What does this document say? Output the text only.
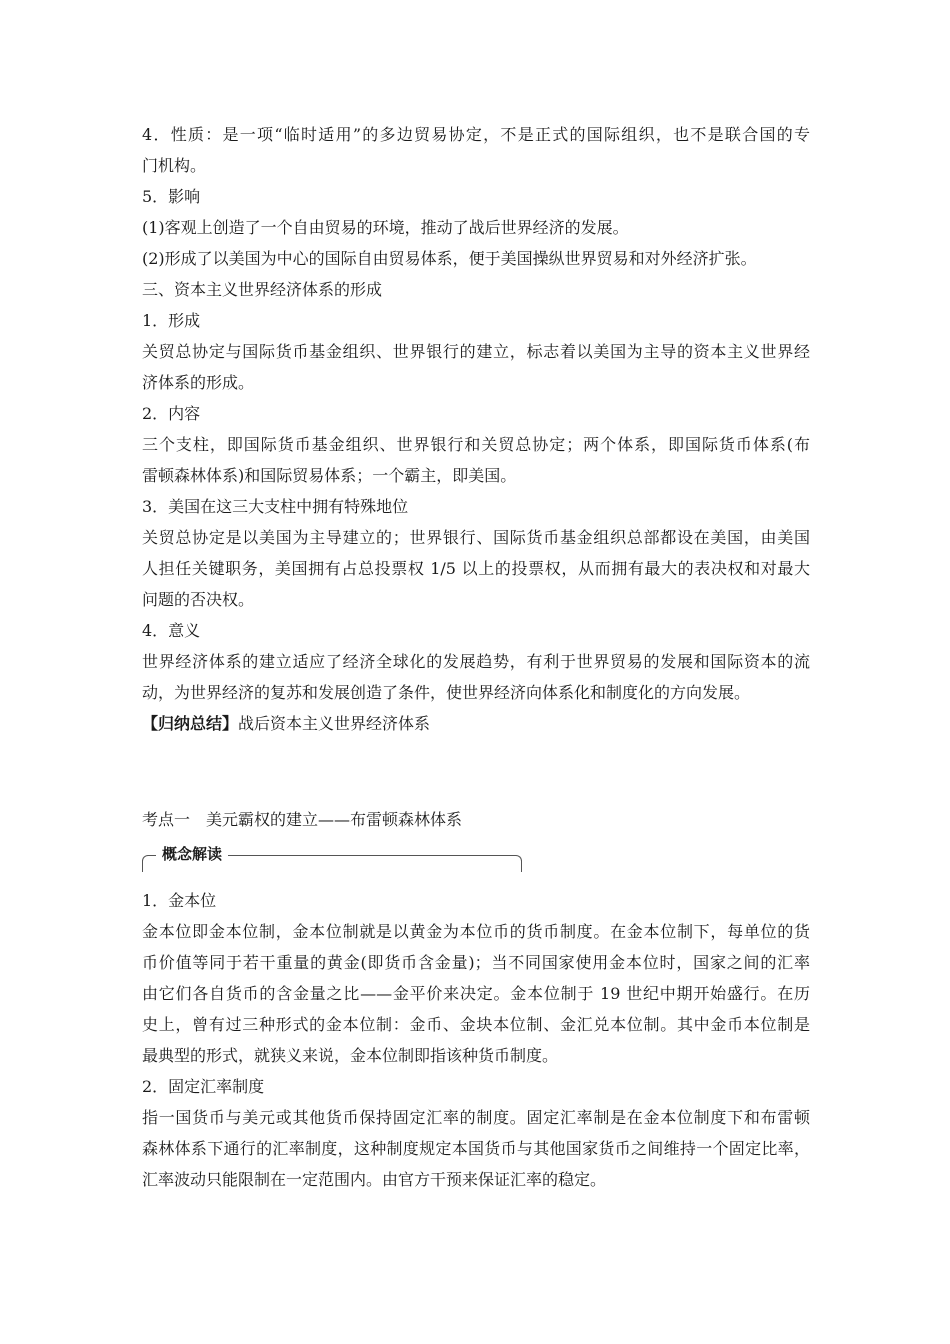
4．性质：是一项“临时适用”的多边贸易协定，不是正式的国际组织，也不是联合国的专

门机构。

5．影响

(1)客观上创造了一个自由贸易的环境，推动了战后世界经济的发展。

(2)形成了以美国为中心的国际自由贸易体系，便于美国操纵世界贸易和对外经济扩张。

三、资本主义世界经济体系的形成

1．形成

关贸总协定与国际货币基金组织、世界银行的建立，标志着以美国为主导的资本主义世界经

济体系的形成。

2．内容

三个支柱，即国际货币基金组织、世界银行和关贸总协定；两个体系，即国际货币体系(布

雷顿森林体系)和国际贸易体系；一个霸主，即美国。

3．美国在这三大支柱中拥有特殊地位

关贸总协定是以美国为主导建立的；世界银行、国际货币基金组织总部都设在美国，由美国

人担任关键职务，美国拥有占总投票权 1/5 以上的投票权，从而拥有最大的表决权和对最大

问题的否决权。

4．意义

世界经济体系的建立适应了经济全球化的发展趋势，有利于世界贸易的发展和国际资本的流

动，为世界经济的复苏和发展创造了条件，使世界经济向体系化和制度化的方向发展。

【归纳总结】战后资本主义世界经济体系

考点一　美元霸权的建立——布雷顿森林体系

概念解读

1．金本位

金本位即金本位制，金本位制就是以黄金为本位币的货币制度。在金本位制下，每单位的货

币价值等同于若干重量的黄金(即货币含金量)；当不同国家使用金本位时，国家之间的汇率

由它们各自货币的含金量之比——金平价来决定。金本位制于 19 世纪中期开始盛行。在历

史上，曾有过三种形式的金本位制：金币、金块本位制、金汇兑本位制。其中金币本位制是

最典型的形式，就狭义来说，金本位制即指该种货币制度。

2．固定汇率制度

指一国货币与美元或其他货币保持固定汇率的制度。固定汇率制是在金本位制度下和布雷顿

森林体系下通行的汇率制度，这种制度规定本国货币与其他国家货币之间维持一个固定比率，

汇率波动只能限制在一定范围内。由官方干预来保证汇率的稳定。
